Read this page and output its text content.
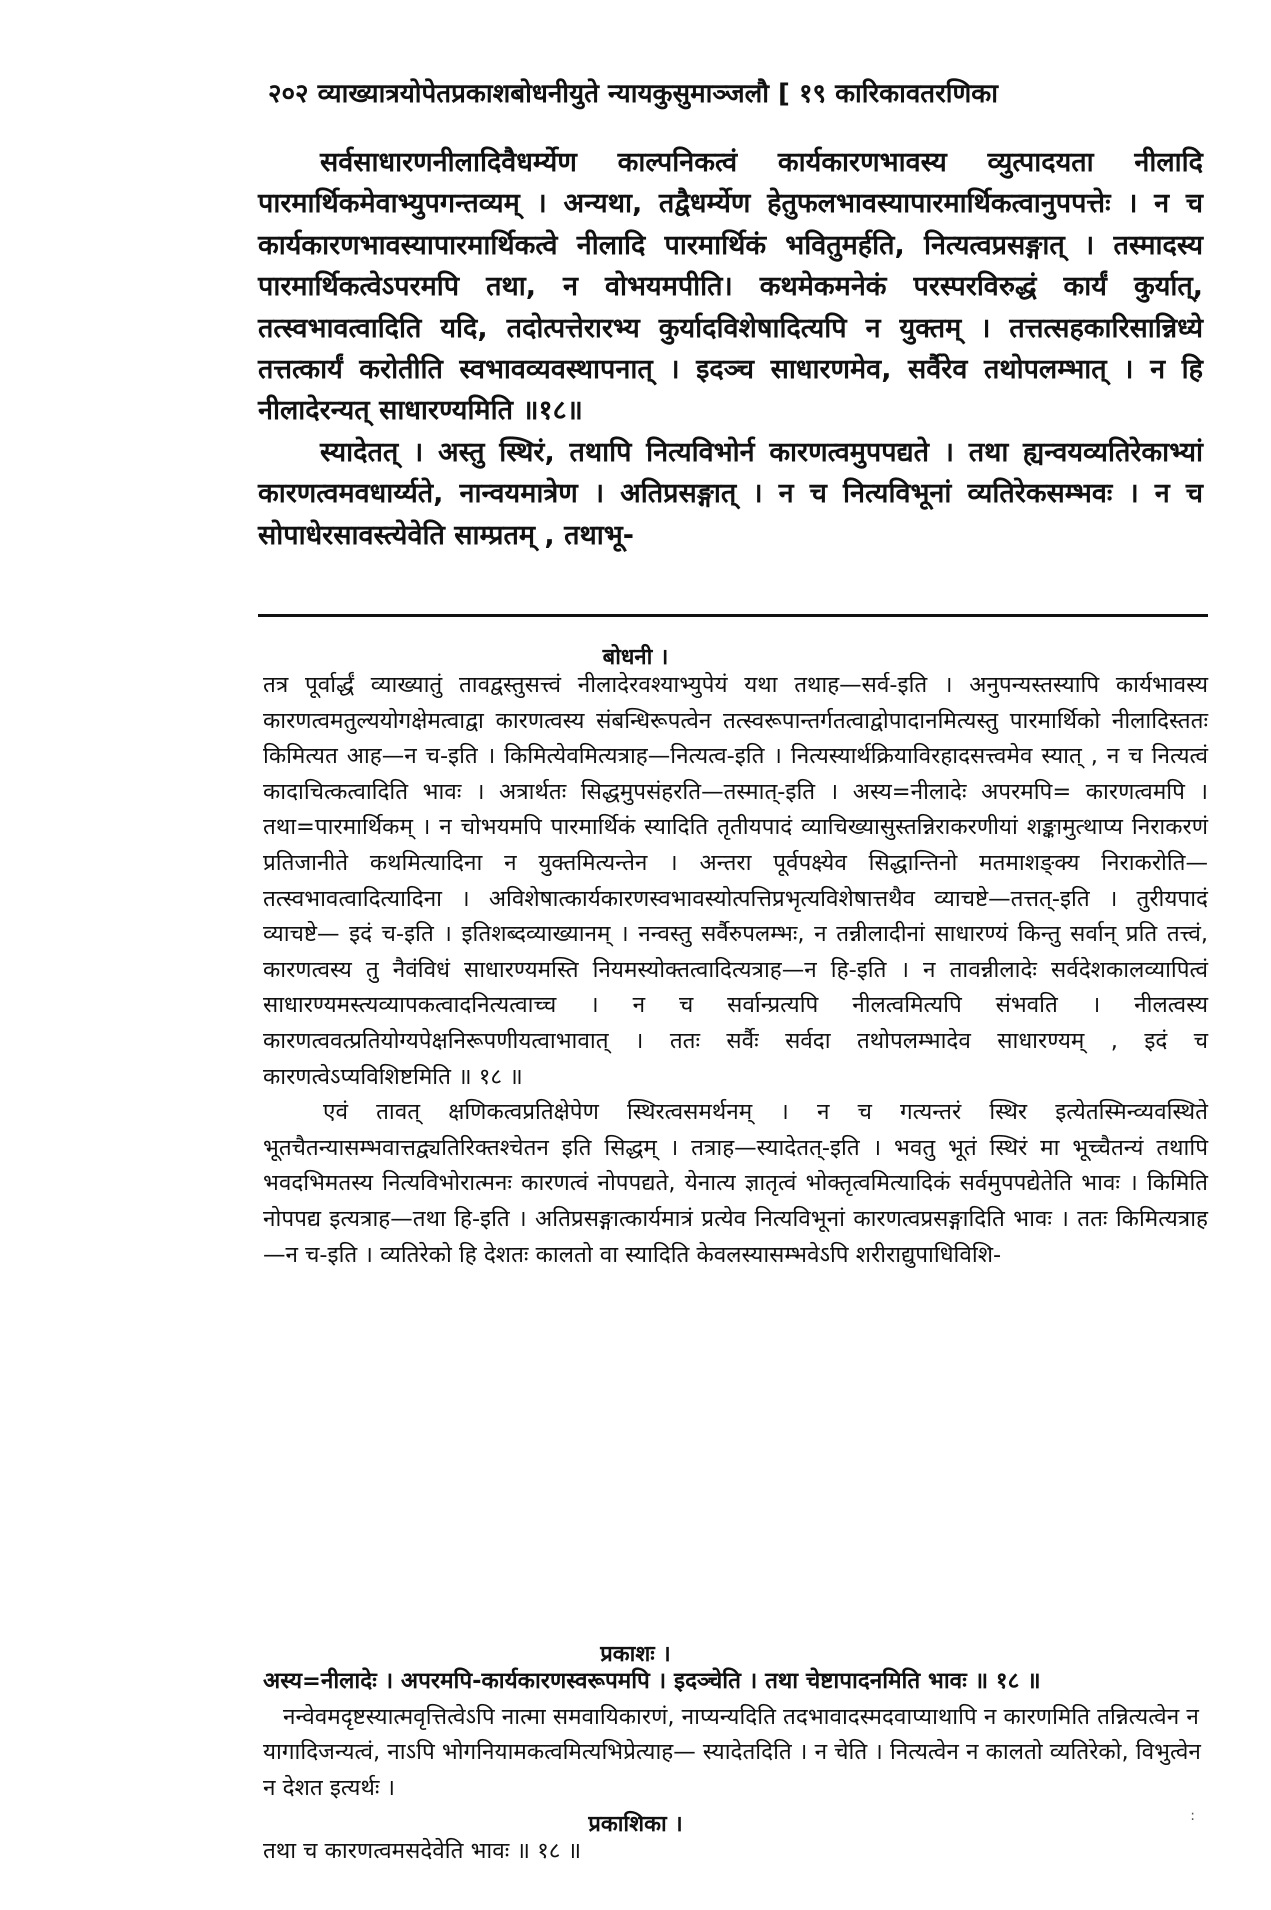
२०२ व्याख्यात्रयोपेतप्रकाशबोधनीयुते न्यायकुसुमाञ्जलौ [ १९ कारिकावतरणिका

सर्वसाधारणनीलादिवैधर्म्येण काल्पनिकत्वं कार्यकारणभावस्य व्युत्पादयता नीलादि पारमार्थिकमेवाभ्युपगन्तव्यम् । अन्यथा, तद्वैधर्म्येण हेतुफलभावस्यापारमार्थिकत्वानुपपत्तेः । न च कार्यकारणभावस्यापारमार्थिकत्वे नीलादि पारमार्थिकं भवितुमर्हति, नित्यत्वप्रसङ्गात् । तस्मादस्य पारमार्थिकत्वेऽपरमपि तथा, न वोभयमपीति। कथमेकमनेकं परस्परविरुद्धं कार्यं कुर्यात्, तत्स्वभावत्वादिति यदि, तदोत्पत्तेरारभ्य कुर्यादविशेषादित्यपि न युक्तम् । तत्तत्सहकारिसान्निध्ये तत्तत्कार्यं करोतीति स्वभावव्यवस्थापनात् । इदञ्च साधारणमेव, सर्वैरेव तथोपलम्भात् । न हि नीलादेरन्यत् साधारण्यमिति ॥१८॥

स्यादेतत् । अस्तु स्थिरं, तथापि नित्यविभोर्न कारणत्वमुपपद्यते । तथा ह्यन्वयव्यतिरेकाभ्यां कारणत्वमवधार्य्यते, नान्वयमात्रेण । अतिप्रसङ्गात् । न च नित्यविभूनां व्यतिरेकसम्भवः । न च सोपाधेरसावस्त्येवेति साम्प्रतम् , तथाभू-

बोधनी ।

तत्र पूर्वार्द्धं व्याख्यातुं तावद्वस्तुसत्त्वं नीलादेरवश्याभ्युपेयं यथा तथाह—सर्व-इति । अनुपन्यस्तस्यापि कार्यभावस्य कारणत्वमतुल्ययोगक्षेमत्वाद्वा कारणत्वस्य संबन्धिरूपत्वेन तत्स्वरूपान्तर्गतत्वाद्वोपादानमित्यस्तु पारमार्थिको नीलादिस्ततः किमित्यत आह—न च-इति । किमित्येवमित्यत्राह—नित्यत्व-इति । नित्यस्यार्थक्रियाविरहादसत्त्वमेव स्यात् , न च नित्यत्वं कादाचित्कत्वादिति भावः । अत्रार्थतः सिद्धमुपसंहरति—तस्मात्-इति । अस्य=नीलादेः अपरमपि= कारणत्वमपि । तथा=पारमार्थिकम् । न चोभयमपि पारमार्थिकं स्यादिति तृतीयपादं व्याचिख्यासुस्तन्निराकरणीयां शङ्कामुत्थाप्य निराकरणं प्रतिजानीते कथमित्यादिना न युक्तमित्यन्तेन । अन्तरा पूर्वपक्ष्येव सिद्धान्तिनो मतमाशङ्क्य निराकरोति—तत्स्वभावत्वादित्यादिना । अविशेषात्कार्यकारणस्वभावस्योत्पत्तिप्रभृत्यविशेषात्तथैव व्याचष्टे—तत्तत्-इति । तुरीयपादं व्याचष्टे— इदं च-इति । इतिशब्दव्याख्यानम् । नन्वस्तु सर्वैरुपलम्भः, न तन्नीलादीनां साधारण्यं किन्तु सर्वान् प्रति तत्त्वं, कारणत्वस्य तु नैवंविधं साधारण्यमस्ति नियमस्योक्तत्वादित्यत्राह—न हि-इति । न तावन्नीलादेः सर्वदेशकालव्यापित्वं साधारण्यमस्त्यव्यापकत्वादनित्यत्वाच्च । न च सर्वान्प्रत्यपि नीलत्वमित्यपि संभवति । नीलत्वस्य कारणत्ववत्प्रतियोग्यपेक्षनिरूपणीयत्वाभावात् । ततः सर्वैः सर्वदा तथोपलम्भादेव साधारण्यम् , इदं च कारणत्वेऽप्यविशिष्टमिति ॥ १८ ॥

एवं तावत् क्षणिकत्वप्रतिक्षेपेण स्थिरत्वसमर्थनम् । न च गत्यन्तरं स्थिर इत्येतस्मिन्व्यवस्थिते भूतचैतन्यासम्भवात्तद्व्यतिरिक्तश्चेतन इति सिद्धम् । तत्राह—स्यादेतत्-इति । भवतु भूतं स्थिरं मा भूच्चैतन्यं तथापि भवदभिमतस्य नित्यविभोरात्मनः कारणत्वं नोपपद्यते, येनात्य ज्ञातृत्वं भोक्तृत्वमित्यादिकं सर्वमुपपद्येतेति भावः । किमिति नोपपद्य इत्यत्राह—तथा हि-इति । अतिप्रसङ्गात्कार्यमात्रं प्रत्येव नित्यविभूनां कारणत्वप्रसङ्गादिति भावः । ततः किमित्यत्राह—न च-इति । व्यतिरेको हि देशतः कालतो वा स्यादिति केवलस्यासम्भवेऽपि शरीराद्युपाधिविशि-

प्रकाशः ।

अस्य=नीलादेः । अपरमपि-कार्यकारणस्वरूपमपि । इदञ्चेति । तथा चेष्टापादनमिति भावः ॥ १८ ॥

नन्वेवमदृष्टस्यात्मवृत्तित्वेऽपि नात्मा समवायिकारणं, नाप्यन्यदिति तदभावादस्मदवाप्याथापि न कारणमिति तन्नित्यत्वेन न यागादिजन्यत्वं, नाऽपि भोगनियामकत्वमित्यभिप्रेत्याह— स्यादेतदिति । न चेति । नित्यत्वेन न कालतो व्यतिरेको, विभुत्वेन न देशत इत्यर्थः ।

प्रकाशिका ।

तथा च कारणत्वमसदेवेति भावः ॥ १८ ॥

:
